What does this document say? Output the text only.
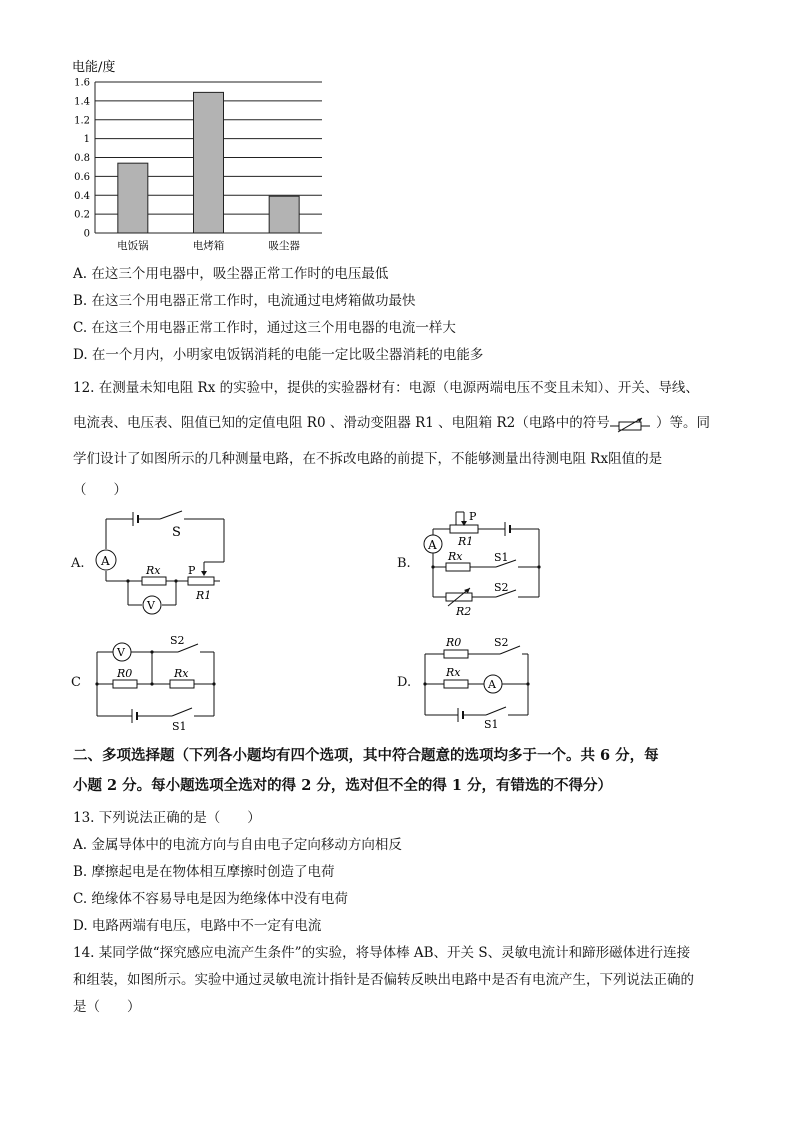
电能/度
0
0.2
0.4
0.6
0.8
1
1.2
1.4
1.6
电饭锅	电烤箱	吸尘器
A. 在这三个用电器中，吸尘器正常工作时的电压最低
B. 在这三个用电器正常工作时，电流通过电烤箱做功最快
C. 在这三个用电器正常工作时，通过这三个用电器的电流一样大
D. 在一个月内，小明家电饭锅消耗的电能一定比吸尘器消耗的电能多
12. 在测量未知电阻 Rx 的实验中，提供的实验器材有：电源（电源两端电压不变且未知）、开关、导线、
电流表、电压表、阻值已知的定值电阻 R0 、滑动变阻器 R1 、电阻箱 R2（电路中的符号	）等。同
学们设计了如图所示的几种测量电路，在不拆改电路的前提下，不能够测量出待测电阻 Rx阻值的是
（　　）
A.
S
A
V
Rx	P
R1
B.
A
P
R1
Rx	S1
S2
R2
C
V
S2
R0	Rx
S1
D.
R0	S2
Rx
A
S1
二、多项选择题（下列各小题均有四个选项，其中符合题意的选项均多于一个。共 6 分，每
小题 2 分。每小题选项全选对的得 2 分，选对但不全的得 1 分，有错选的不得分）
13. 下列说法正确的是（　　）
A. 金属导体中的电流方向与自由电子定向移动方向相反
B. 摩擦起电是在物体相互摩擦时创造了电荷
C. 绝缘体不容易导电是因为绝缘体中没有电荷
D. 电路两端有电压，电路中不一定有电流
14. 某同学做“探究感应电流产生条件”的实验，将导体棒 AB、开关 S、灵敏电流计和蹄形磁体进行连接
和组装，如图所示。实验中通过灵敏电流计指针是否偏转反映出电路中是否有电流产生，下列说法正确的
是（　　）
